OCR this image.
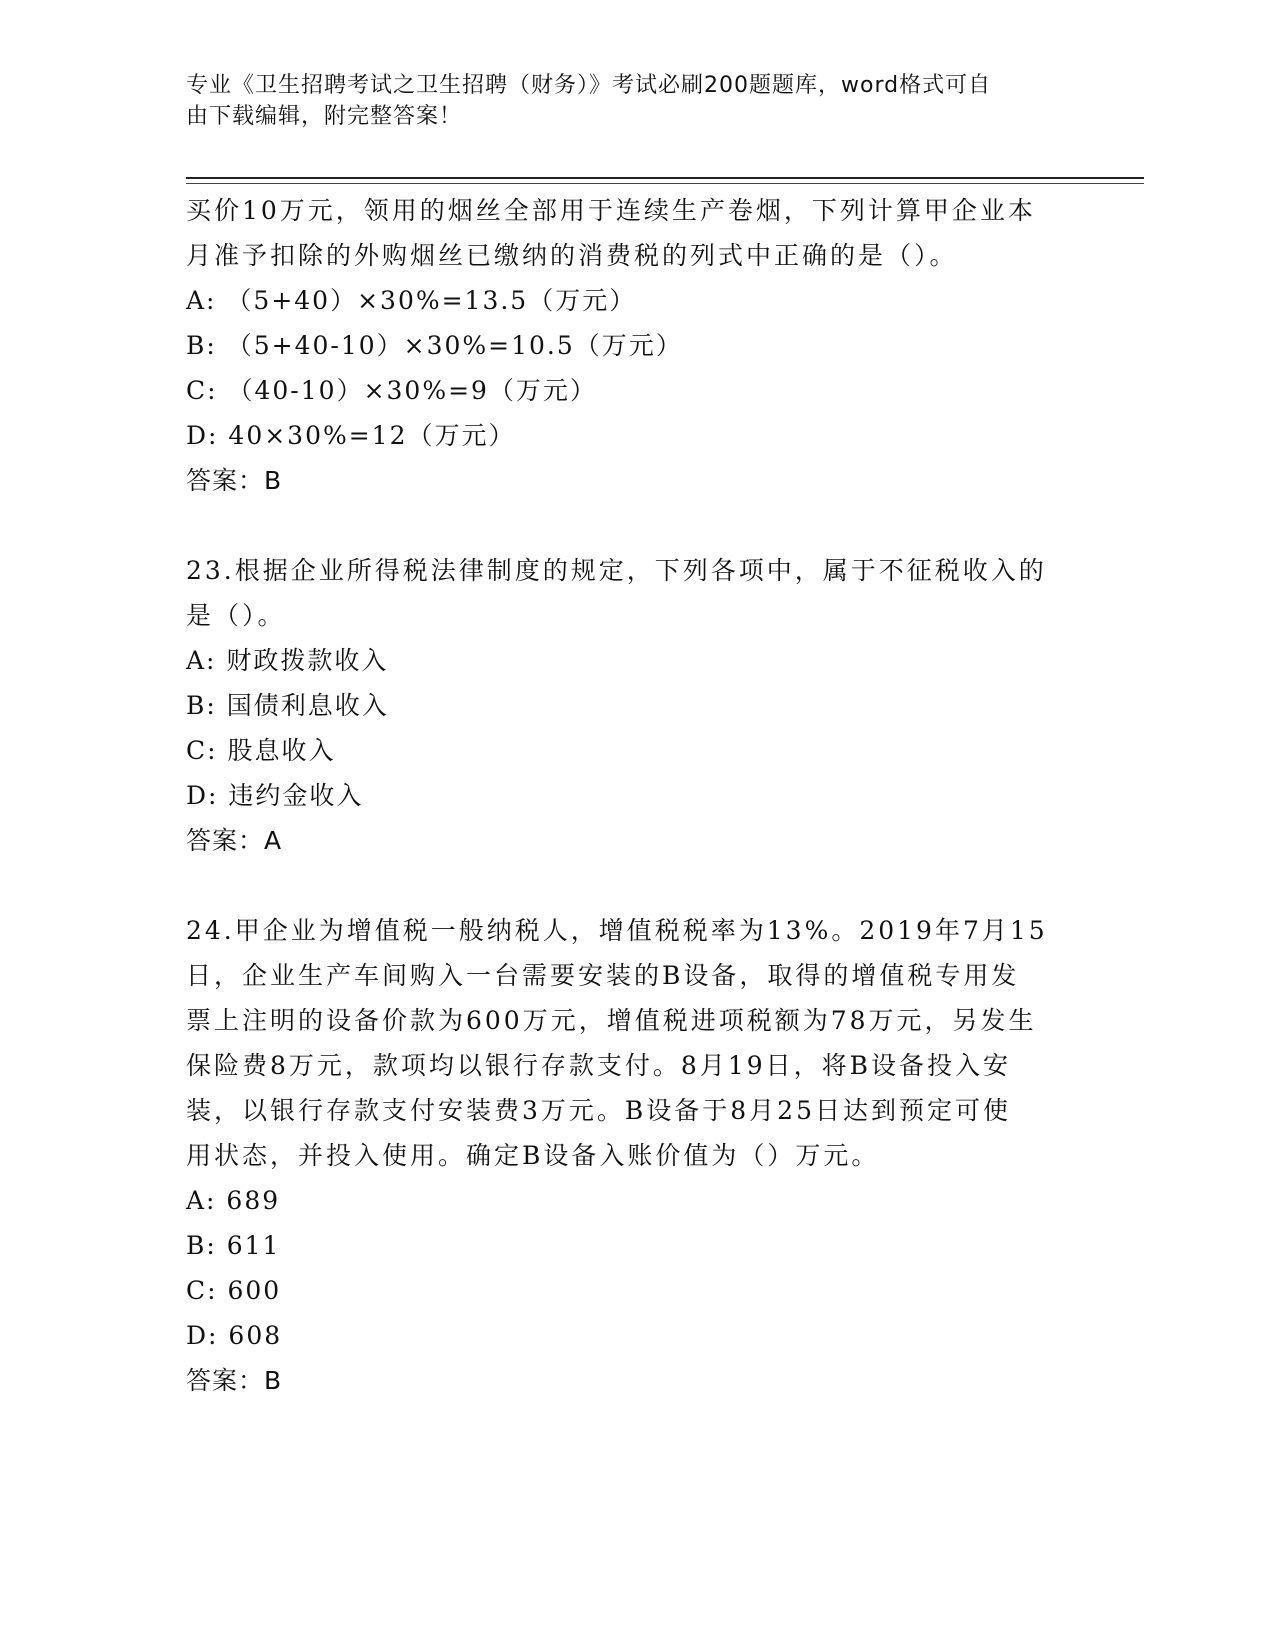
专业《卫生招聘考试之卫生招聘（财务）》考试必刷200题题库，word格式可自
由下载编辑，附完整答案！
买价10万元，领用的烟丝全部用于连续生产卷烟，下列计算甲企业本
月准予扣除的外购烟丝已缴纳的消费税的列式中正确的是（）。
A: （5+40）×30%=13.5（万元）
B: （5+40-10）×30%=10.5（万元）
C: （40-10）×30%=9（万元）
D: 40×30%=12（万元）
答案：B
23.根据企业所得税法律制度的规定，下列各项中，属于不征税收入的
是（）。
A: 财政拨款收入
B: 国债利息收入
C: 股息收入
D: 违约金收入
答案：A
24.甲企业为增值税一般纳税人，增值税税率为13%。2019年7月15
日，企业生产车间购入一台需要安装的B设备，取得的增值税专用发
票上注明的设备价款为600万元，增值税进项税额为78万元，另发生
保险费8万元，款项均以银行存款支付。8月19日，将B设备投入安
装，以银行存款支付安装费3万元。B设备于8月25日达到预定可使
用状态，并投入使用。确定B设备入账价值为（）万元。
A: 689
B: 611
C: 600
D: 608
答案：B
